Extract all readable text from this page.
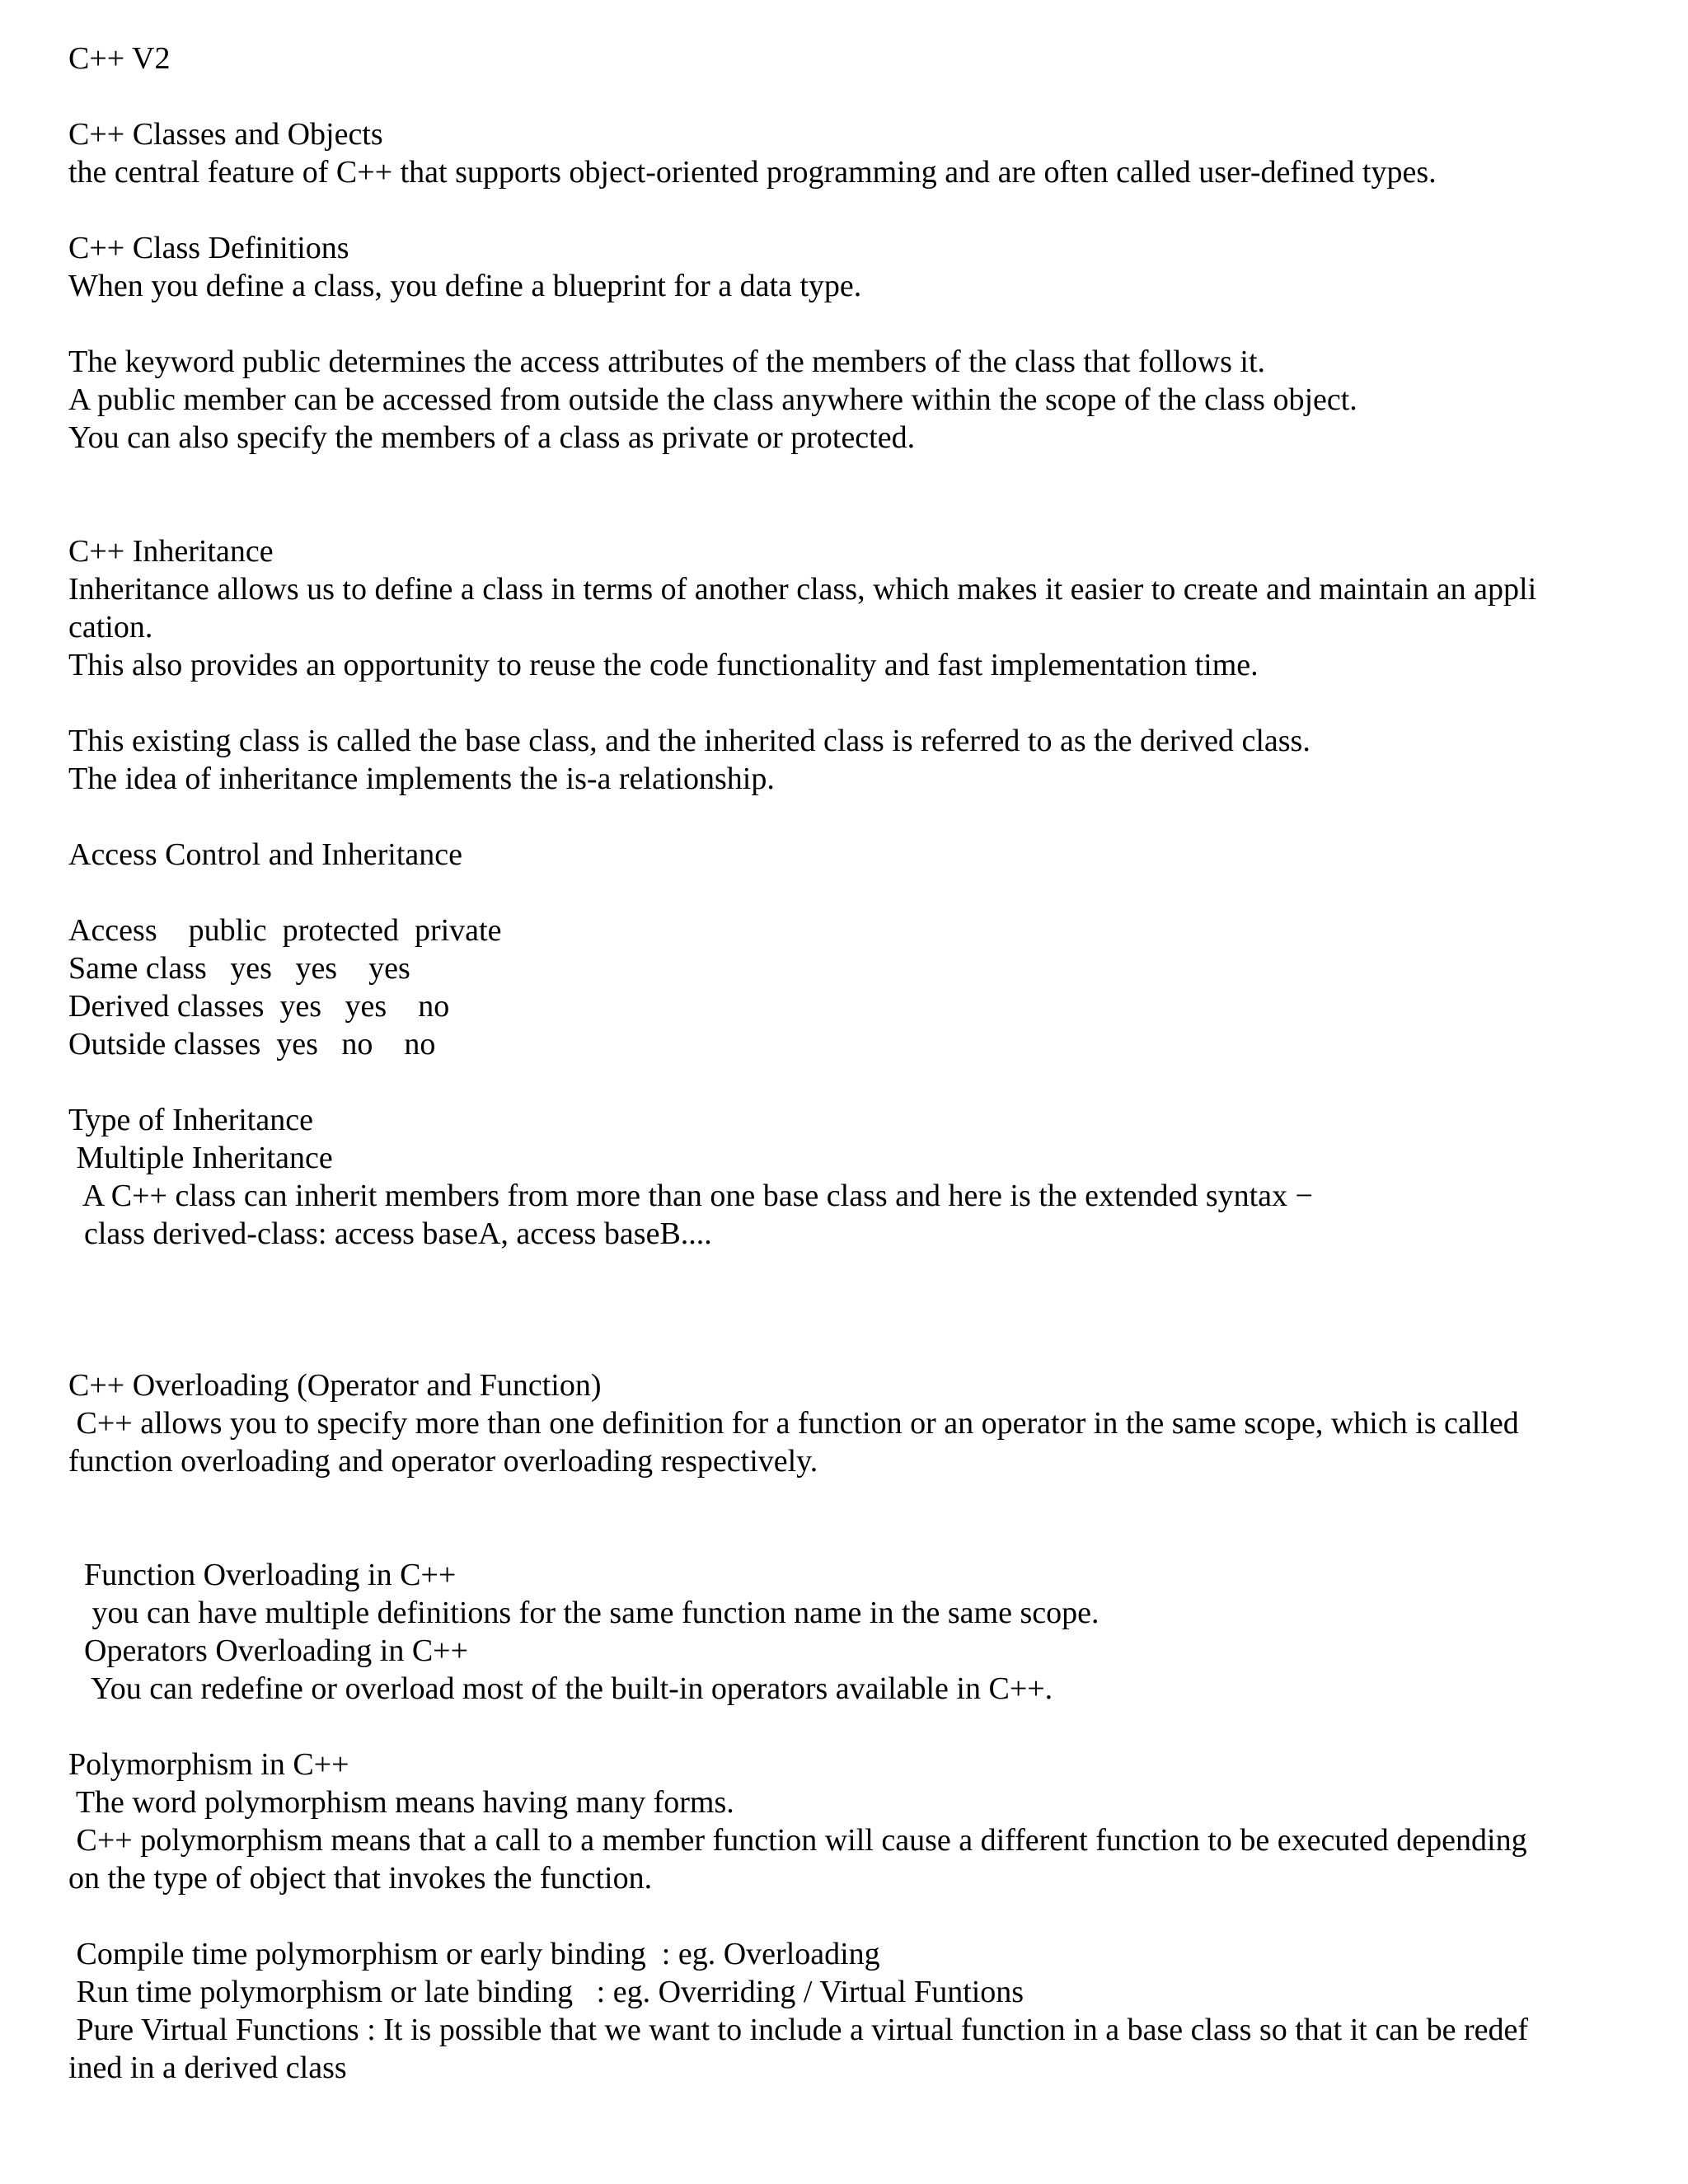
C++ V2
C++ Classes and Objects
the central feature of C++ that supports object-oriented programming and are often called user-defined types.
C++ Class Definitions
When you define a class, you define a blueprint for a data type.
The keyword public determines the access attributes of the members of the class that follows it.
A public member can be accessed from outside the class anywhere within the scope of the class object.
You can also specify the members of a class as private or protected.
C++ Inheritance
Inheritance allows us to define a class in terms of another class, which makes it easier to create and maintain an appli
cation.
This also provides an opportunity to reuse the code functionality and fast implementation time.
This existing class is called the base class, and the inherited class is referred to as the derived class.
The idea of inheritance implements the is-a relationship.
Access Control and Inheritance
Access    public  protected  private
Same class   yes   yes    yes
Derived classes  yes   yes    no
Outside classes  yes   no    no
Type of Inheritance
Multiple Inheritance
A C++ class can inherit members from more than one base class and here is the extended syntax −
class derived-class: access baseA, access baseB....
C++ Overloading (Operator and Function)
C++ allows you to specify more than one definition for a function or an operator in the same scope, which is called
function overloading and operator overloading respectively.
Function Overloading in C++
you can have multiple definitions for the same function name in the same scope.
Operators Overloading in C++
You can redefine or overload most of the built-in operators available in C++.
Polymorphism in C++
The word polymorphism means having many forms.
C++ polymorphism means that a call to a member function will cause a different function to be executed depending
on the type of object that invokes the function.
Compile time polymorphism or early binding  : eg. Overloading
Run time polymorphism or late binding   : eg. Overriding / Virtual Funtions
Pure Virtual Functions : It is possible that we want to include a virtual function in a base class so that it can be redef
ined in a derived class
